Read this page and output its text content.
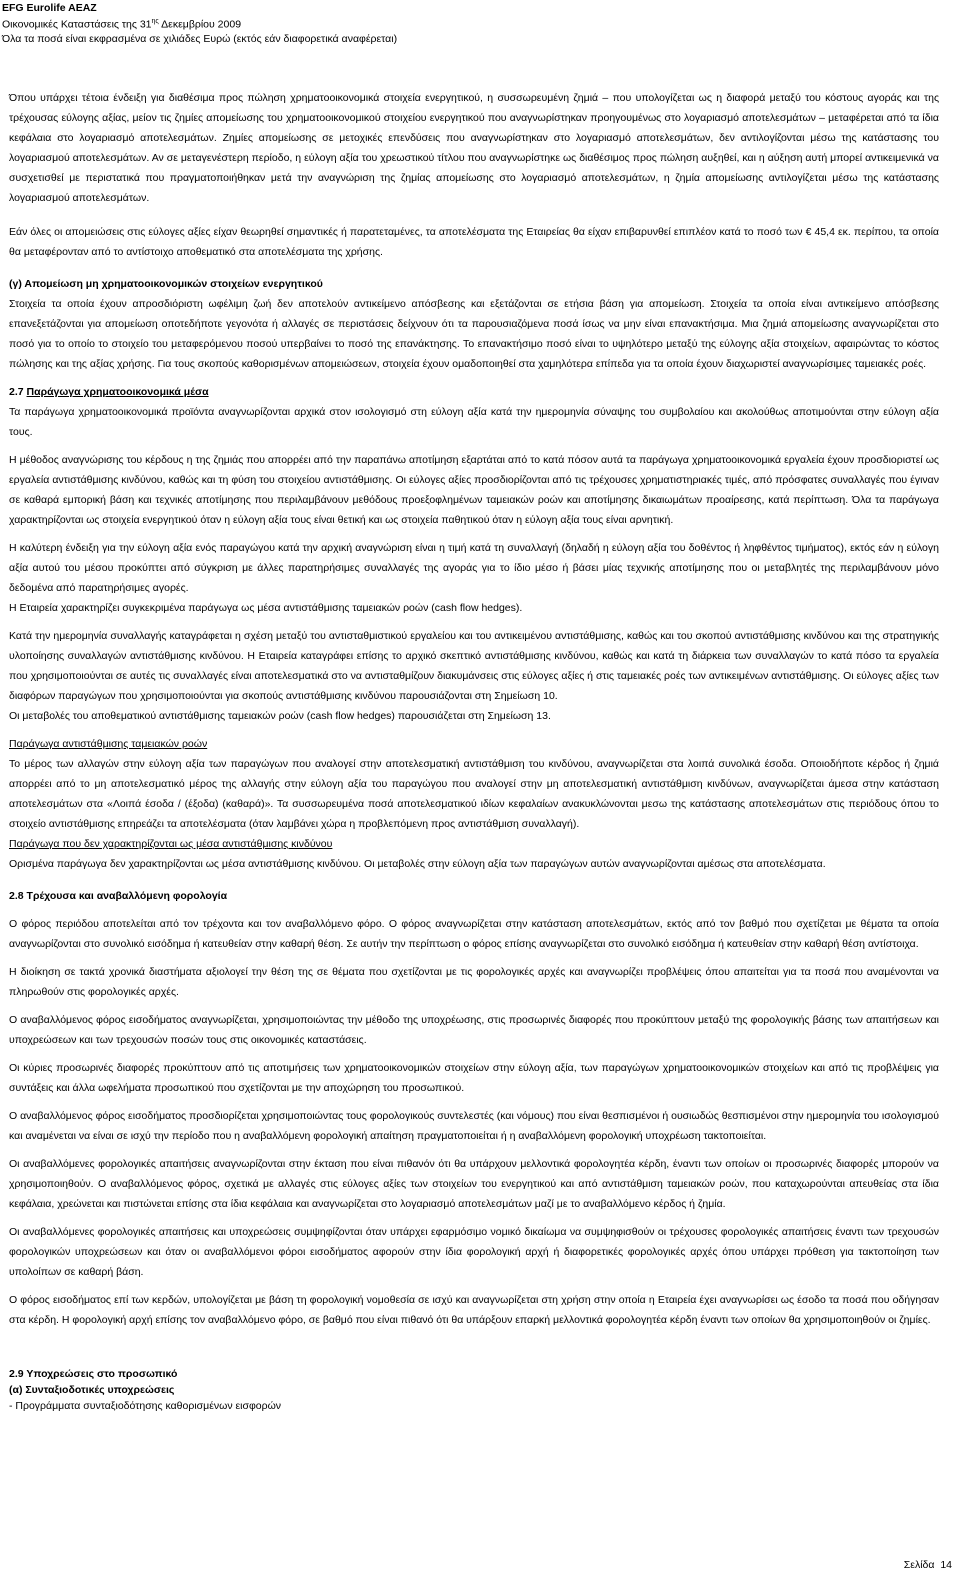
EFG Eurolife AEAZ
Οικονομικές Καταστάσεις της $31^{\eta\varsigma}$ Δεκεμβρίου 2009
Όλα τα ποσά είναι εκφρασμένα σε χιλιάδες Ευρώ (εκτός εάν διαφορετικά αναφέρεται)

Όπου υπάρχει τέτοια ένδειξη για διαθέσιμα προς πώληση χρηματοοικονομικά στοιχεία ενεργητικού, η συσσωρευμένη ζημιά – που υπολογίζεται ως η διαφορά μεταξύ του κόστους αγοράς και της τρέχουσας εύλογης αξίας, μείον τις ζημίες απομείωσης του χρηματοοικονομικού στοιχείου ενεργητικού που αναγνωρίστηκαν προηγουμένως στο λογαριασμό αποτελεσμάτων – μεταφέρεται από τα ίδια κεφάλαια στο λογαριασμό αποτελεσμάτων. Ζημίες απομείωσης σε μετοχικές επενδύσεις που αναγνωρίστηκαν στο λογαριασμό αποτελεσμάτων, δεν αντιλογίζονται μέσω της κατάστασης του λογαριασμού αποτελεσμάτων. Αν σε μεταγενέστερη περίοδο, η εύλογη αξία του χρεωστικού τίτλου που αναγνωρίστηκε ως διαθέσιμος προς πώληση αυξηθεί, και η αύξηση αυτή μπορεί αντικειμενικά να συσχετισθεί με περιστατικά που πραγματοποιήθηκαν μετά την αναγνώριση της ζημίας απομείωσης στο λογαριασμό αποτελεσμάτων, η ζημία απομείωσης αντιλογίζεται μέσω της κατάστασης λογαριασμού αποτελεσμάτων.

Εάν όλες οι απομειώσεις στις εύλογες αξίες είχαν θεωρηθεί σημαντικές ή παρατεταμένες, τα αποτελέσματα της Εταιρείας θα είχαν επιβαρυνθεί επιπλέον κατά το ποσό των € 45,4 εκ. περίπου, τα οποία θα μεταφέρονταν από το αντίστοιχο αποθεματικό στα αποτελέσματα της χρήσης.

(γ) Απομείωση μη χρηματοοικονομικών στοιχείων ενεργητικού

Στοιχεία τα οποία έχουν απροσδιόριστη ωφέλιμη ζωή δεν αποτελούν αντικείμενο απόσβεσης και εξετάζονται σε ετήσια βάση για απομείωση. Στοιχεία τα οποία είναι αντικείμενο απόσβεσης επανεξετάζονται για απομείωση οποτεδήποτε γεγονότα ή αλλαγές σε περιστάσεις δείχνουν ότι τα παρουσιαζόμενα ποσά ίσως να μην είναι επανακτήσιμα. Μια ζημιά απομείωσης αναγνωρίζεται στο ποσό για το οποίο το στοιχείο του μεταφερόμενου ποσού υπερβαίνει το ποσό της επανάκτησης. Το επανακτήσιμο ποσό είναι το υψηλότερο μεταξύ της εύλογης αξία στοιχείων, αφαιρώντας το κόστος πώλησης και της αξίας χρήσης. Για τους σκοπούς καθορισμένων απομειώσεων, στοιχεία έχουν ομαδοποιηθεί στα χαμηλότερα επίπεδα για τα οποία έχουν διαχωριστεί αναγνωρίσιμες ταμειακές ροές.

2.7 Παράγωγα χρηματοοικονομικά μέσα

Τα παράγωγα χρηματοοικονομικά προϊόντα αναγνωρίζονται αρχικά στον ισολογισμό στη εύλογη αξία κατά την ημερομηνία σύναψης του συμβολαίου και ακολούθως αποτιμούνται στην εύλογη αξία τους.

Η μέθοδος αναγνώρισης του κέρδους η της ζημιάς που απορρέει από την παραπάνω αποτίμηση εξαρτάται από το κατά πόσον αυτά τα παράγωγα χρηματοοικονομικά εργαλεία έχουν προσδιοριστεί ως εργαλεία αντιστάθμισης κινδύνου, καθώς και τη φύση του στοιχείου αντιστάθμισης. Οι εύλογες αξίες προσδιορίζονται από τις τρέχουσες χρηματιστηριακές τιμές, από πρόσφατες συναλλαγές που έγιναν σε καθαρά εμπορική βάση και τεχνικές αποτίμησης που περιλαμβάνουν μεθόδους προεξοφλημένων ταμειακών ροών και αποτίμησης δικαιωμάτων προαίρεσης, κατά περίπτωση. Όλα τα παράγωγα χαρακτηρίζονται ως στοιχεία ενεργητικού όταν η εύλογη αξία τους είναι θετική και ως στοιχεία παθητικού όταν η εύλογη αξία τους είναι αρνητική.

Η καλύτερη ένδειξη για την εύλογη αξία ενός παραγώγου κατά την αρχική αναγνώριση είναι η τιμή κατά τη συναλλαγή (δηλαδή η εύλογη αξία του δοθέντος ή ληφθέντος τιμήματος), εκτός εάν η εύλογη αξία αυτού του μέσου προκύπτει από σύγκριση με άλλες παρατηρήσιμες συναλλαγές της αγοράς για το ίδιο μέσο ή βάσει μίας τεχνικής αποτίμησης που οι μεταβλητές της περιλαμβάνουν μόνο δεδομένα από παρατηρήσιμες αγορές.

Η Εταιρεία χαρακτηρίζει συγκεκριμένα παράγωγα ως μέσα αντιστάθμισης ταμειακών ροών (cash flow hedges).

Κατά την ημερομηνία συναλλαγής καταγράφεται η σχέση μεταξύ του αντισταθμιστικού εργαλείου και του αντικειμένου αντιστάθμισης, καθώς και του σκοπού αντιστάθμισης κινδύνου και της στρατηγικής υλοποίησης συναλλαγών αντιστάθμισης κινδύνου. Η Εταιρεία καταγράφει επίσης το αρχικό σκεπτικό αντιστάθμισης κινδύνου, καθώς και κατά τη διάρκεια των συναλλαγών το κατά πόσο τα εργαλεία που χρησιμοποιούνται σε αυτές τις συναλλαγές είναι αποτελεσματικά στο να αντισταθμίζουν διακυμάνσεις στις εύλογες αξίες ή στις ταμειακές ροές των αντικειμένων αντιστάθμισης. Οι εύλογες αξίες των διαφόρων παραγώγων που χρησιμοποιούνται για σκοπούς αντιστάθμισης κινδύνου παρουσιάζονται στη Σημείωση 10.

Οι μεταβολές του αποθεματικού αντιστάθμισης ταμειακών ροών (cash flow hedges) παρουσιάζεται στη Σημείωση 13.

Παράγωγα αντιστάθμισης ταμειακών ροών

Το μέρος των αλλαγών στην εύλογη αξία των παραγώγων που αναλογεί στην αποτελεσματική αντιστάθμιση του κινδύνου, αναγνωρίζεται στα λοιπά συνολικά έσοδα. Οποιοδήποτε κέρδος ή ζημιά απορρέει από το μη αποτελεσματικό μέρος της αλλαγής στην εύλογη αξία του παραγώγου που αναλογεί στην μη αποτελεσματική αντιστάθμιση κινδύνων, αναγνωρίζεται άμεσα στην κατάσταση αποτελεσμάτων στα «Λοιπά έσοδα / (έξοδα) (καθαρά)». Τα συσσωρευμένα ποσά αποτελεσματικού ιδίων κεφαλαίων ανακυκλώνονται μεσω της κατάστασης αποτελεσμάτων στις περιόδους όπου το στοιχείο αντιστάθμισης επηρεάζει τα αποτελέσματα (όταν λαμβάνει χώρα η προβλεπόμενη προς αντιστάθμιση συναλλαγή).

Παράγωγα που δεν χαρακτηρίζονται ως μέσα αντιστάθμισης κινδύνου

Ορισμένα παράγωγα δεν χαρακτηρίζονται ως μέσα αντιστάθμισης κινδύνου. Οι μεταβολές στην εύλογη αξία των παραγώγων αυτών αναγνωρίζονται αμέσως στα αποτελέσματα.

2.8 Τρέχουσα και αναβαλλόμενη φορολογία

Ο φόρος περιόδου αποτελείται από τον τρέχοντα και τον αναβαλλόμενο φόρο. Ο φόρος αναγνωρίζεται στην κατάσταση αποτελεσμάτων, εκτός από τον βαθμό που σχετίζεται με θέματα τα οποία αναγνωρίζονται στο συνολικό εισόδημα ή κατευθείαν στην καθαρή θέση. Σε αυτήν την περίπτωση ο φόρος επίσης αναγνωρίζεται στο συνολικό εισόδημα ή κατευθείαν στην καθαρή θέση αντίστοιχα.

Η διοίκηση σε τακτά χρονικά διαστήματα αξιολογεί την θέση της σε θέματα που σχετίζονται με τις φορολογικές αρχές και αναγνωρίζει προβλέψεις όπου απαιτείται για τα ποσά που αναμένονται να πληρωθούν στις φορολογικές αρχές.

Ο αναβαλλόμενος φόρος εισοδήματος αναγνωρίζεται, χρησιμοποιώντας την μέθοδο της υποχρέωσης, στις προσωρινές διαφορές που προκύπτουν μεταξύ της φορολογικής βάσης των απαιτήσεων και υποχρεώσεων και των τρεχουσών ποσών τους στις οικονομικές καταστάσεις.

Οι κύριες προσωρινές διαφορές προκύπτουν από τις αποτιμήσεις των χρηματοοικονομικών στοιχείων στην εύλογη αξία, των παραγώγων χρηματοοικονομικών στοιχείων και από τις προβλέψεις για συντάξεις και άλλα ωφελήματα προσωπικού που σχετίζονται με την αποχώρηση του προσωπικού.

Ο αναβαλλόμενος φόρος εισοδήματος προσδιορίζεται χρησιμοποιώντας τους φορολογικούς συντελεστές (και νόμους) που είναι θεσπισμένοι ή ουσιωδώς θεσπισμένοι στην ημερομηνία του ισολογισμού και αναμένεται να είναι σε ισχύ την περίοδο που η αναβαλλόμενη φορολογική απαίτηση πραγματοποιείται ή η αναβαλλόμενη φορολογική υποχρέωση τακτοποιείται.

Οι αναβαλλόμενες φορολογικές απαιτήσεις αναγνωρίζονται στην έκταση που είναι πιθανόν ότι θα υπάρχουν μελλοντικά φορολογητέα κέρδη, έναντι των οποίων οι προσωρινές διαφορές μπορούν να χρησιμοποιηθούν. Ο αναβαλλόμενος φόρος, σχετικά με αλλαγές στις εύλογες αξίες των στοιχείων του ενεργητικού και από αντιστάθμιση ταμειακών ροών, που καταχωρούνται απευθείας στα ίδια κεφάλαια, χρεώνεται και πιστώνεται επίσης στα ίδια κεφάλαια και αναγνωρίζεται στο λογαριασμό αποτελεσμάτων μαζί με το αναβαλλόμενο κέρδος ή ζημία.

Οι αναβαλλόμενες φορολογικές απαιτήσεις και υποχρεώσεις συμψηφίζονται όταν υπάρχει εφαρμόσιμο νομικό δικαίωμα να συμψηφισθούν οι τρέχουσες φορολογικές απαιτήσεις έναντι των τρεχουσών φορολογικών υποχρεώσεων και όταν οι αναβαλλόμενοι φόροι εισοδήματος αφορούν στην ίδια φορολογική αρχή ή διαφορετικές φορολογικές αρχές όπου υπάρχει πρόθεση για τακτοποίηση των υπολοίπων σε καθαρή βάση.

Ο φόρος εισοδήματος επί των κερδών, υπολογίζεται με βάση τη φορολογική νομοθεσία σε ισχύ και αναγνωρίζεται στη χρήση στην οποία η Εταιρεία έχει αναγνωρίσει ως έσοδο τα ποσά που οδήγησαν στα κέρδη. Η φορολογική αρχή επίσης τον αναβαλλόμενο φόρο, σε βαθμό που είναι πιθανό ότι θα υπάρξουν επαρκή μελλοντικά φορολογητέα κέρδη έναντι των οποίων θα χρησιμοποιηθούν οι ζημίες.

2.9 Υποχρεώσεις στο προσωπικό

(α) Συνταξιοδοτικές υποχρεώσεις

- Προγράμματα συνταξιοδότησης καθορισμένων εισφορών

Σελίδα 14
